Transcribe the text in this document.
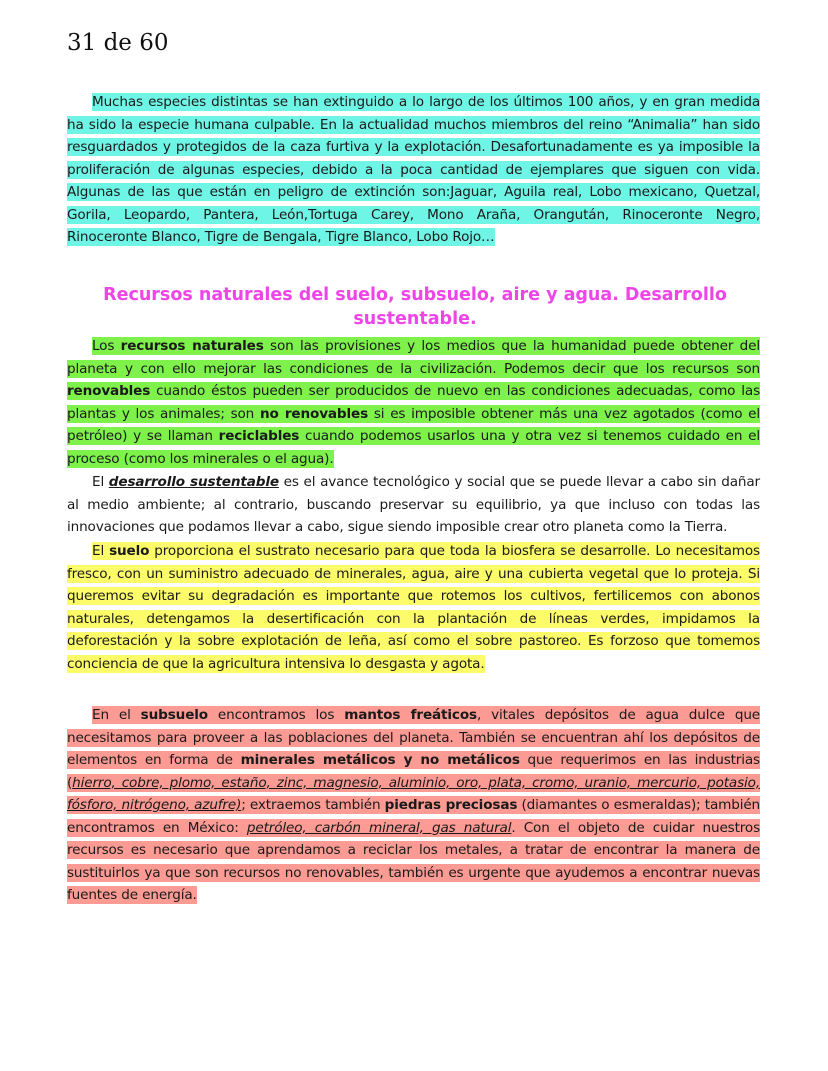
31 de 60
Muchas especies distintas se han extinguido a lo largo de los últimos 100 años, y en gran medida ha sido la especie humana culpable. En la actualidad muchos miembros del reino “Animalia” han sido resguardados y protegidos de la caza furtiva y la explotación. Desafortunadamente es ya imposible la proliferación de algunas especies, debido a la poca cantidad de ejemplares que siguen con vida. Algunas de las que están en peligro de extinción son:Jaguar, Aguila real, Lobo mexicano, Quetzal, Gorila, Leopardo, Pantera, León,Tortuga Carey, Mono Araña, Orangután, Rinoceronte Negro, Rinoceronte Blanco, Tigre de Bengala, Tigre Blanco, Lobo Rojo…
Recursos naturales del suelo, subsuelo, aire y agua. Desarrollo sustentable.
Los recursos naturales son las provisiones y los medios que la humanidad puede obtener del planeta y con ello mejorar las condiciones de la civilización. Podemos decir que los recursos son renovables cuando éstos pueden ser producidos de nuevo en las condiciones adecuadas, como las plantas y los animales; son no renovables si es imposible obtener más una vez agotados (como el petróleo) y se llaman reciclables cuando podemos usarlos una y otra vez si tenemos cuidado en el proceso (como los minerales o el agua).
El desarrollo sustentable es el avance tecnológico y social que se puede llevar a cabo sin dañar al medio ambiente; al contrario, buscando preservar su equilibrio, ya que incluso con todas las innovaciones que podamos llevar a cabo, sigue siendo imposible crear otro planeta como la Tierra.
El suelo proporciona el sustrato necesario para que toda la biosfera se desarrolle. Lo necesitamos fresco, con un suministro adecuado de minerales, agua, aire y una cubierta vegetal que lo proteja. Si queremos evitar su degradación es importante que rotemos los cultivos, fertilicemos con abonos naturales, detengamos la desertificación con la plantación de líneas verdes, impidamos la deforestación y la sobre explotación de leña, así como el sobre pastoreo. Es forzoso que tomemos conciencia de que la agricultura intensiva lo desgasta y agota.
En el subsuelo encontramos los mantos freáticos, vitales depósitos de agua dulce que necesitamos para proveer a las poblaciones del planeta. También se encuentran ahí los depósitos de elementos en forma de minerales metálicos y no metálicos que requerimos en las industrias (hierro, cobre, plomo, estaño, zinc, magnesio, aluminio, oro, plata, cromo, uranio, mercurio, potasio, fósforo, nitrógeno, azufre); extraemos también piedras preciosas (diamantes o esmeraldas); también encontramos en México: petróleo, carbón mineral, gas natural. Con el objeto de cuidar nuestros recursos es necesario que aprendamos a reciclar los metales, a tratar de encontrar la manera de sustituirlos ya que son recursos no renovables, también es urgente que ayudemos a encontrar nuevas fuentes de energía.
